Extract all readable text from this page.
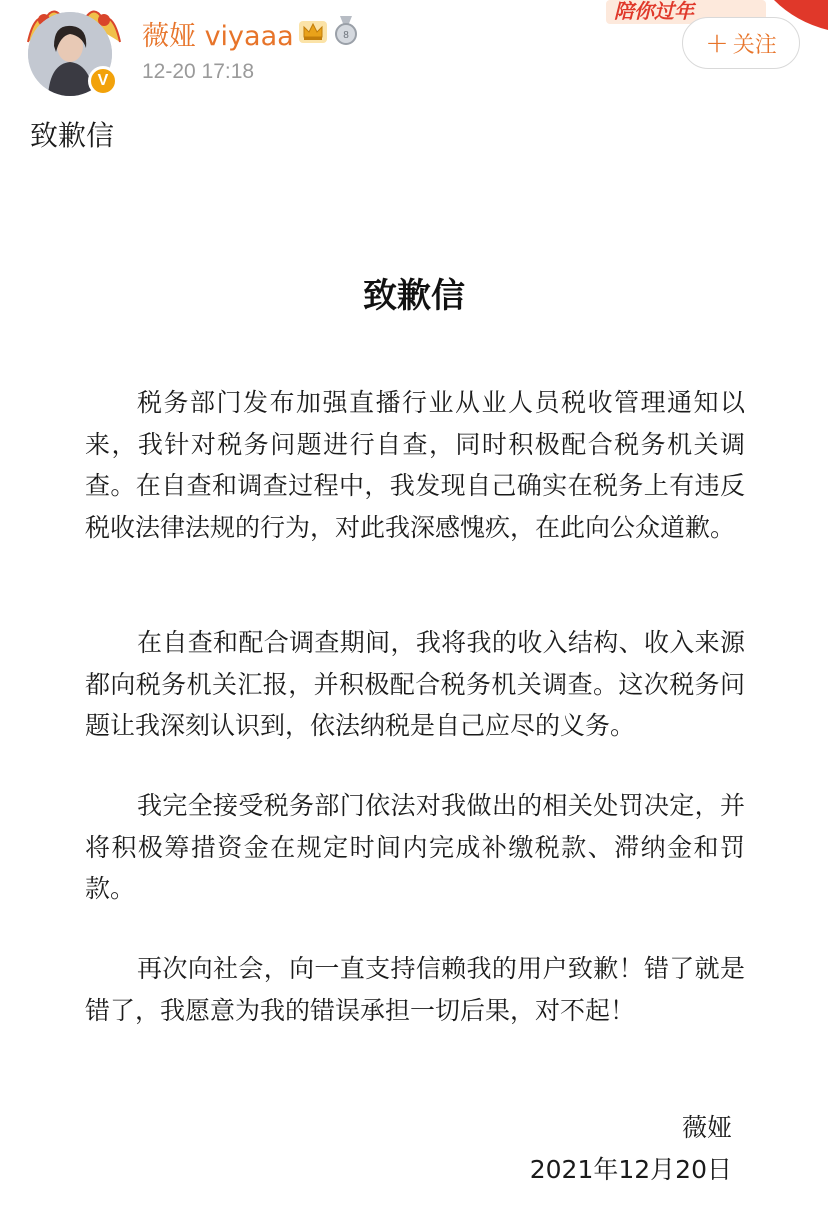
V
薇娅 viyaaa	8
12-20 17:18
陪你过年
+ 关注
致歉信
致歉信

税务部门发布加强直播行业从业人员税收管理通知以来，我针对税务问题进行自查，同时积极配合税务机关调查。在自查和调查过程中，我发现自己确实在税务上有违反税收法律法规的行为，对此我深感愧疚，在此向公众道歉。

在自查和配合调查期间，我将我的收入结构、收入来源都向税务机关汇报，并积极配合税务机关调查。这次税务问题让我深刻认识到，依法纳税是自己应尽的义务。

我完全接受税务部门依法对我做出的相关处罚决定，并将积极筹措资金在规定时间内完成补缴税款、滞纳金和罚款。

再次向社会，向一直支持信赖我的用户致歉！错了就是错了，我愿意为我的错误承担一切后果，对不起！

薇娅
2021年12月20日
